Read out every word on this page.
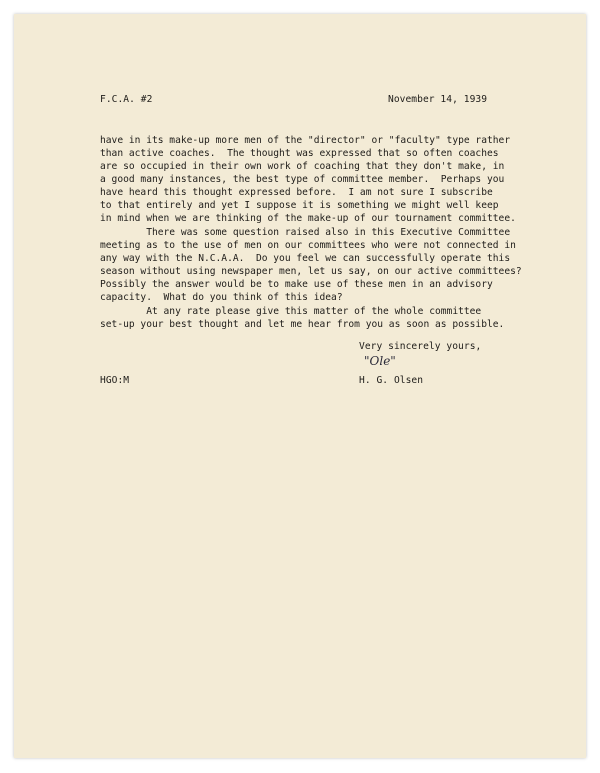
F.C.A. #2	November 14, 1939
have in its make-up more men of the "director" or "faculty" type rather
than active coaches.  The thought was expressed that so often coaches
are so occupied in their own work of coaching that they don't make, in
a good many instances, the best type of committee member.  Perhaps you
have heard this thought expressed before.  I am not sure I subscribe
to that entirely and yet I suppose it is something we might well keep
in mind when we are thinking of the make-up of our tournament committee.
There was some question raised also in this Executive Committee
meeting as to the use of men on our committees who were not connected in
any way with the N.C.A.A.  Do you feel we can successfully operate this
season without using newspaper men, let us say, on our active committees?
Possibly the answer would be to make use of these men in an advisory
capacity.  What do you think of this idea?
At any rate please give this matter of the whole committee
set-up your best thought and let me hear from you as soon as possible.
Very sincerely yours,
"Ole"
H. G. Olsen
HGO:M
